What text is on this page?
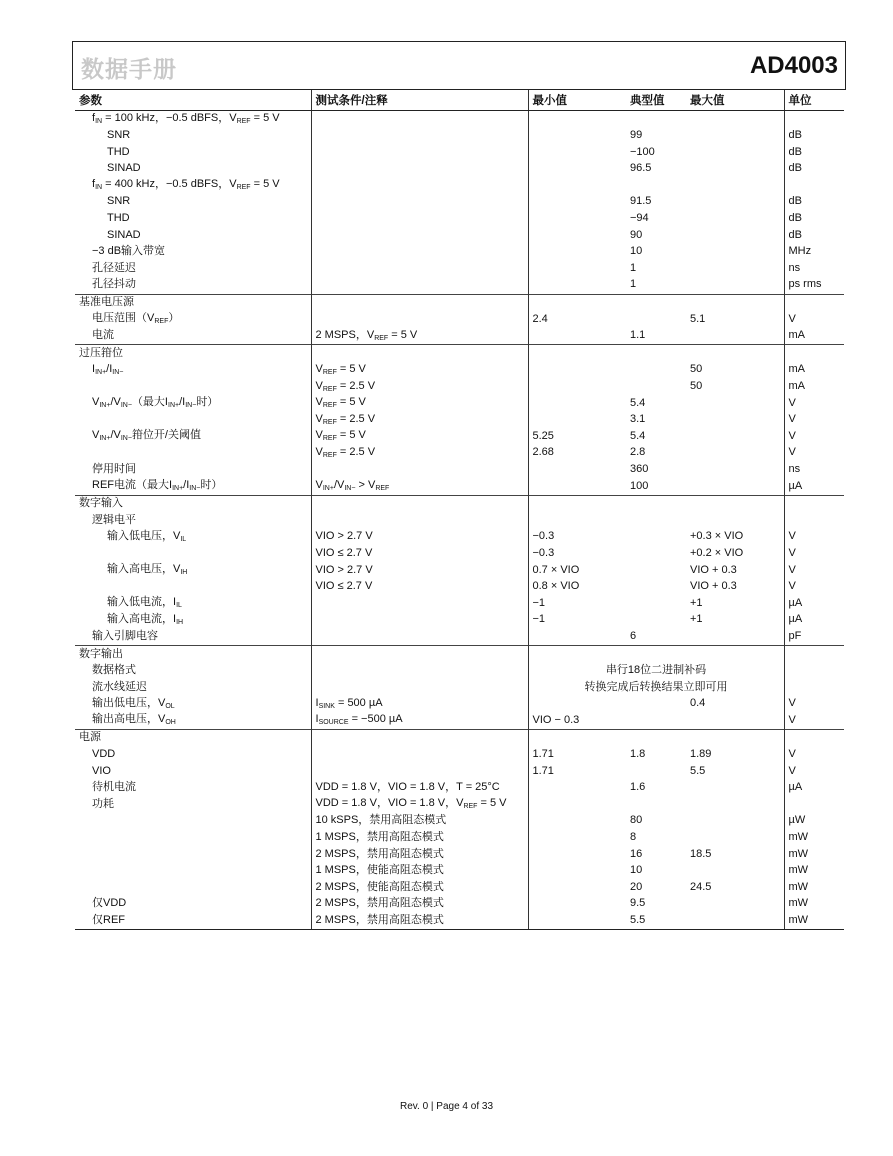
数据手册	AD4003
参数	测试条件/注释	最小值	典型值	最大值	单位
$f_{IN} = 100$ kHz，−0.5 dBFS，$V_{REF} = 5$ V					
SNR			99		dB
THD			−100		dB
SINAD			96.5		dB
$f_{IN} = 400$ kHz，−0.5 dBFS，$V_{REF} = 5$ V					
SNR			91.5		dB
THD			−94		dB
SINAD			90		dB
−3 dB输入带宽			10		MHz
孔径延迟			1		ns
孔径抖动			1		ps rms
基准电压源					
电压范围$(V_{REF})$		2.4		5.1	V
电流	2 MSPS，$V_{REF} = 5$ V		1.1		mA
过压箝位					
$I_{IN+}/I_{IN-}$	$V_{REF} = 5$ V			50	mA
	$V_{REF} = 2.5$ V			50	mA
$V_{IN+}/V_{IN-}$（最大$I_{IN+}/I_{IN-}$时）	$V_{REF} = 5$ V		5.4		V
	$V_{REF} = 2.5$ V		3.1		V
$V_{IN+}/V_{IN-}$箝位开/关阈值	$V_{REF} = 5$ V	5.25	5.4		V
	$V_{REF} = 2.5$ V	2.68	2.8		V
停用时间			360		ns
REF电流（最大$I_{IN+}/I_{IN-}$时）	$V_{IN+}/V_{IN-} > V_{REF}$		100		µA
数字输入					
逻辑电平					
输入低电压，$V_{IL}$	VIO > 2.7 V	−0.3		+0.3 × VIO	V
	VIO ≤ 2.7 V	−0.3		+0.2 × VIO	V
输入高电压，$V_{IH}$	VIO > 2.7 V	0.7 × VIO		VIO + 0.3	V
	VIO ≤ 2.7 V	0.8 × VIO		VIO + 0.3	V
输入低电流，$I_{IL}$		−1		+1	µA
输入高电流，$I_{IH}$		−1		+1	µA
输入引脚电容			6		pF
数字输出					
数据格式		串行18位二进制补码			
流水线延迟		转换完成后转换结果立即可用			
输出低电压，$V_{OL}$	$I_{SINK} = 500$ µA			0.4	V
输出高电压，$V_{OH}$	$I_{SOURCE} = -500$ µA	VIO − 0.3			V
电源					
VDD		1.71	1.8	1.89	V
VIO		1.71		5.5	V
待机电流	VDD = 1.8 V，VIO = 1.8 V，T = 25°C		1.6		µA
功耗	VDD = 1.8 V，VIO = 1.8 V，$V_{REF} = 5$ V				
	10 kSPS，禁用高阻态模式		80		µW
	1 MSPS，禁用高阻态模式		8		mW
	2 MSPS，禁用高阻态模式		16	18.5	mW
	1 MSPS，使能高阻态模式		10		mW
	2 MSPS，使能高阻态模式		20	24.5	mW
仅VDD	2 MSPS，禁用高阻态模式		9.5		mW
仅REF	2 MSPS，禁用高阻态模式		5.5		mW
Rev. 0 | Page 4 of 33
